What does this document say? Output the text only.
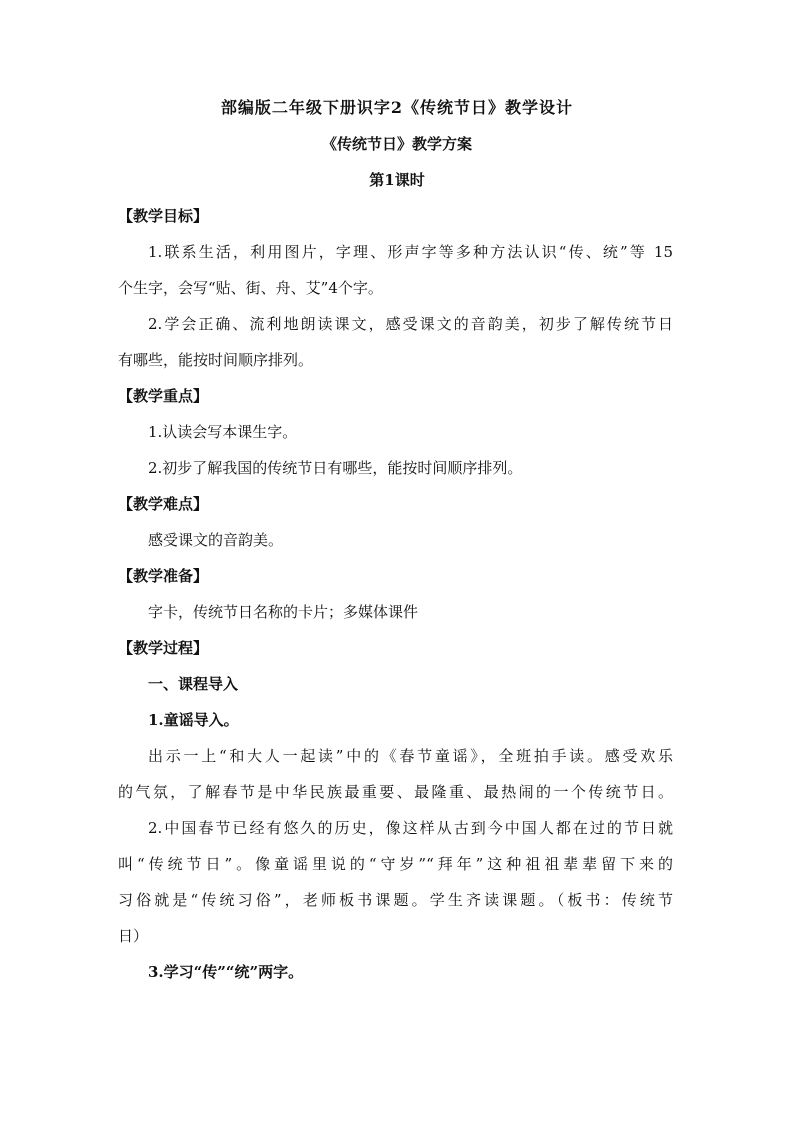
部编版二年级下册识字2《传统节日》教学设计
《传统节日》教学方案
第1课时
【教学目标】
1.联系生活，利用图片，字理、形声字等多种方法认识“传、统”等 15
个生字，会写“贴、街、舟、艾”4个字。
2.学会正确、流利地朗读课文，感受课文的音韵美，初步了解传统节日
有哪些，能按时间顺序排列。
【教学重点】
1.认读会写本课生字。
2.初步了解我国的传统节日有哪些，能按时间顺序排列。
【教学难点】
感受课文的音韵美。
【教学准备】
字卡，传统节日名称的卡片；多媒体课件
【教学过程】
一、课程导入
1.童谣导入。
出示一上“和大人一起读”中的《春节童谣》，全班拍手读。感受欢乐
的气氛，了解春节是中华民族最重要、最隆重、最热闹的一个传统节日。
2.中国春节已经有悠久的历史，像这样从古到今中国人都在过的节日就
叫“传统节日”。像童谣里说的“守岁”“拜年”这种祖祖辈辈留下来的
习俗就是“传统习俗”，老师板书课题。学生齐读课题。（板书：传统节
日）
3.学习“传”“统”两字。
